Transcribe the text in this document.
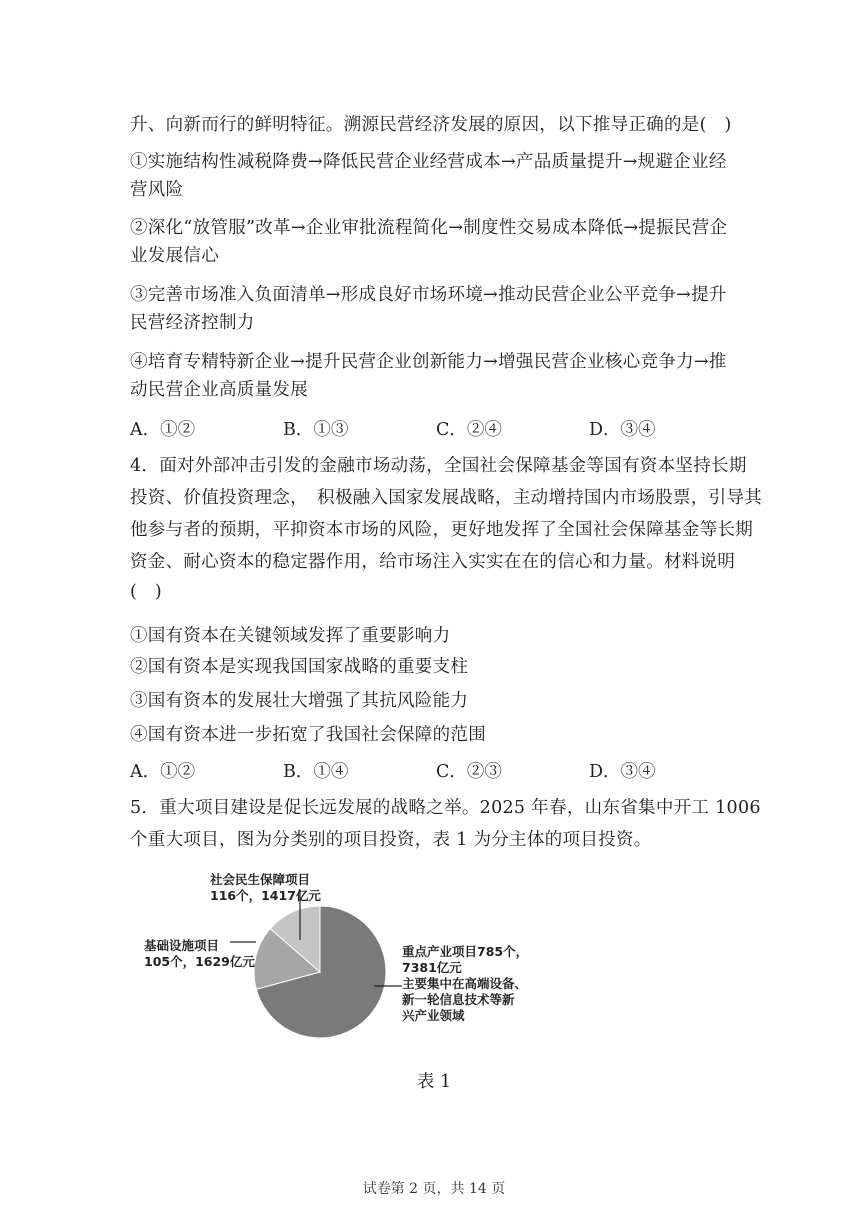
升、向新而行的鲜明特征。溯源民营经济发展的原因，以下推导正确的是(　)
①实施结构性减税降费→降低民营企业经营成本→产品质量提升→规避企业经
营风险
②深化“放管服”改革→企业审批流程简化→制度性交易成本降低→提振民营企
业发展信心
③完善市场准入负面清单→形成良好市场环境→推动民营企业公平竞争→提升
民营经济控制力
④培育专精特新企业→提升民营企业创新能力→增强民营企业核心竞争力→推
动民营企业高质量发展
A．①②	B．①③	C．②④	D．③④
4．面对外部冲击引发的金融市场动荡，全国社会保障基金等国有资本坚持长期
投资、价值投资理念，　积极融入国家发展战略，主动增持国内市场股票，引导其
他参与者的预期，平抑资本市场的风险，更好地发挥了全国社会保障基金等长期
资金、耐心资本的稳定器作用，给市场注入实实在在的信心和力量。材料说明
(　)
①国有资本在关键领域发挥了重要影响力
②国有资本是实现我国国家战略的重要支柱
③国有资本的发展壮大增强了其抗风险能力
④国有资本进一步拓宽了我国社会保障的范围
A．①②	B．①④	C．②③	D．③④
5．重大项目建设是促长远发展的战略之举。2025 年春，山东省集中开工 1006
个重大项目，图为分类别的项目投资，表 1 为分主体的项目投资。
社会民生保障项目
116个，1417亿元
基础设施项目
105个，1629亿元
重点产业项目785个，
7381亿元
主要集中在高端设备、
新一轮信息技术等新
兴产业领域
表 1
试卷第 2 页，共 14 页
